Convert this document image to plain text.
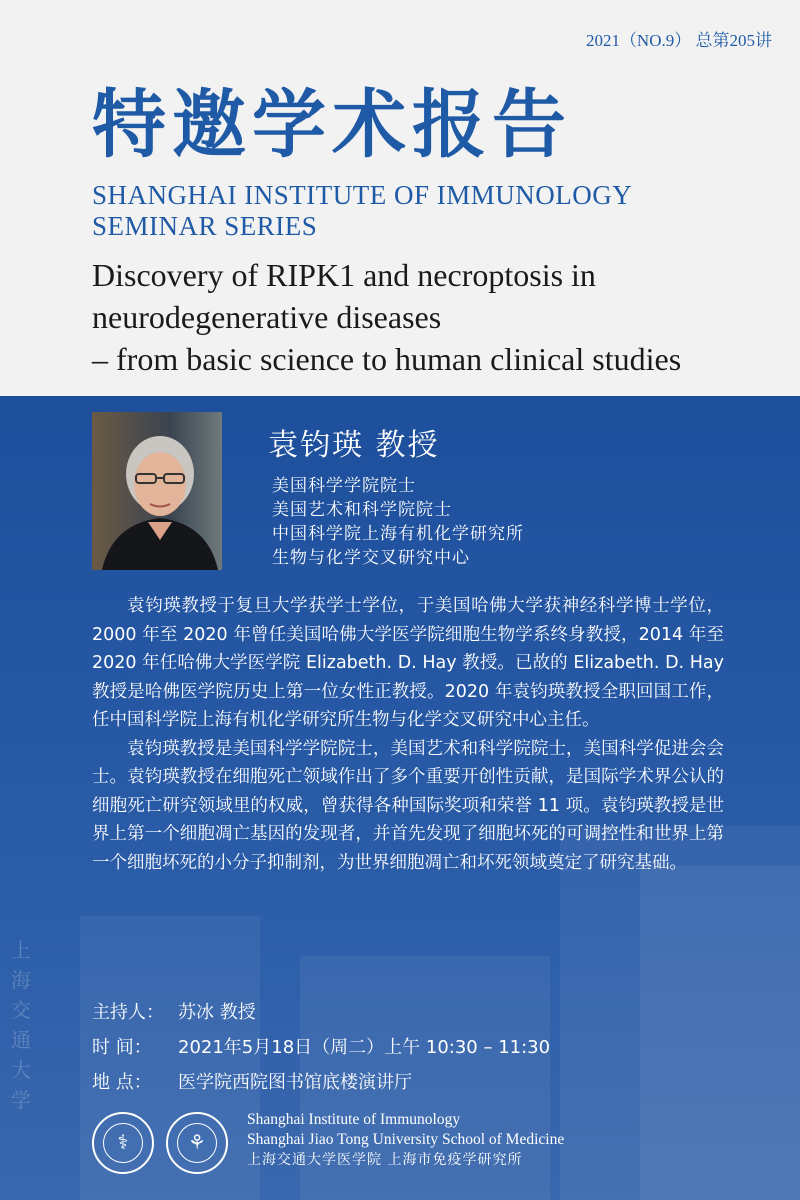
2021（NO.9） 总第205讲
特邀学术报告
SHANGHAI INSTITUTE OF IMMUNOLOGY
SEMINAR SERIES
Discovery of RIPK1 and necroptosis in
neurodegenerative diseases
– from basic science to human clinical studies
上海交通大学
袁钧瑛 教授
美国科学学院院士
美国艺术和科学院院士
中国科学院上海有机化学研究所
生物与化学交叉研究中心

袁钧瑛教授于复旦大学获学士学位，于美国哈佛大学获神经科学博士学位，2000 年至 2020 年曾任美国哈佛大学医学院细胞生物学系终身教授，2014 年至 2020 年任哈佛大学医学院 Elizabeth. D. Hay 教授。已故的 Elizabeth. D. Hay 教授是哈佛医学院历史上第一位女性正教授。2020 年袁钧瑛教授全职回国工作，任中国科学院上海有机化学研究所生物与化学交叉研究中心主任。

袁钧瑛教授是美国科学学院院士，美国艺术和科学院院士，美国科学促进会会士。袁钧瑛教授在细胞死亡领域作出了多个重要开创性贡献，是国际学术界公认的细胞死亡研究领域里的权威，曾获得各种国际奖项和荣誉 11 项。袁钧瑛教授是世界上第一个细胞凋亡基因的发现者，并首先发现了细胞坏死的可调控性和世界上第一个细胞坏死的小分子抑制剂，为世界细胞凋亡和坏死领域奠定了研究基础。

主持人： 苏冰 教授
时 间： 2021年5月18日（周二）上午 10:30 – 11:30
地 点： 医学院西院图书馆底楼演讲厅
⚕	⚘
Shanghai Institute of Immunology
Shanghai Jiao Tong University School of Medicine
上海交通大学医学院 上海市免疫学研究所
